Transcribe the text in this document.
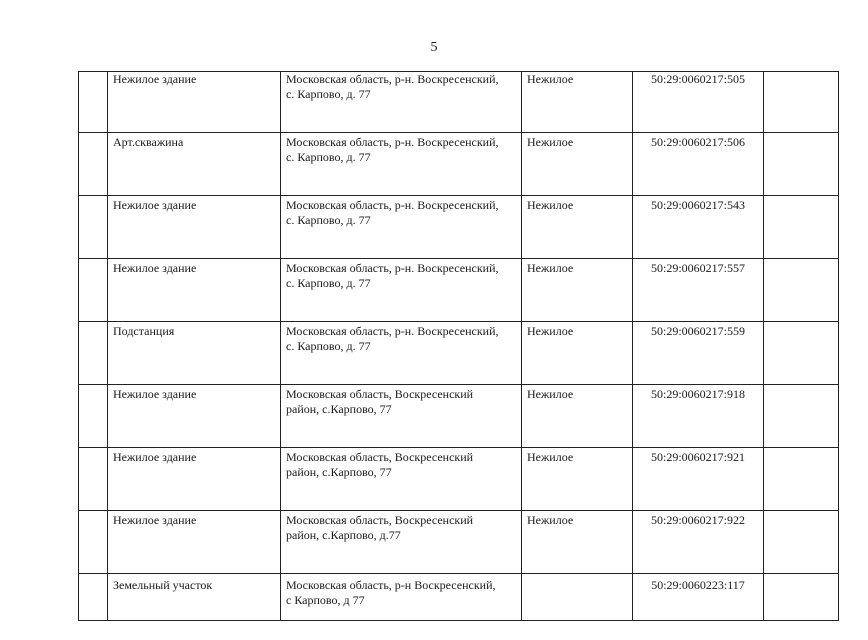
5
	Нежилое здание	Московская область, р-н. Воскресенский,
с. Карпово, д. 77	Нежилое	50:29:0060217:505	
	Арт.скважина	Московская область, р-н. Воскресенский,
с. Карпово, д. 77	Нежилое	50:29:0060217:506	
	Нежилое здание	Московская область, р-н. Воскресенский,
с. Карпово, д. 77	Нежилое	50:29:0060217:543	
	Нежилое здание	Московская область, р-н. Воскресенский,
с. Карпово, д. 77	Нежилое	50:29:0060217:557	
	Подстанция	Московская область, р-н. Воскресенский,
с. Карпово, д. 77	Нежилое	50:29:0060217:559	
	Нежилое здание	Московская область, Воскресенский
район, с.Карпово, 77	Нежилое	50:29:0060217:918	
	Нежилое здание	Московская область, Воскресенский
район, с.Карпово, 77	Нежилое	50:29:0060217:921	
	Нежилое здание	Московская область, Воскресенский
район, с.Карпово, д.77	Нежилое	50:29:0060217:922	
	Земельный участок	Московская область, р-н Воскресенский,
с Карпово, д 77		50:29:0060223:117	
